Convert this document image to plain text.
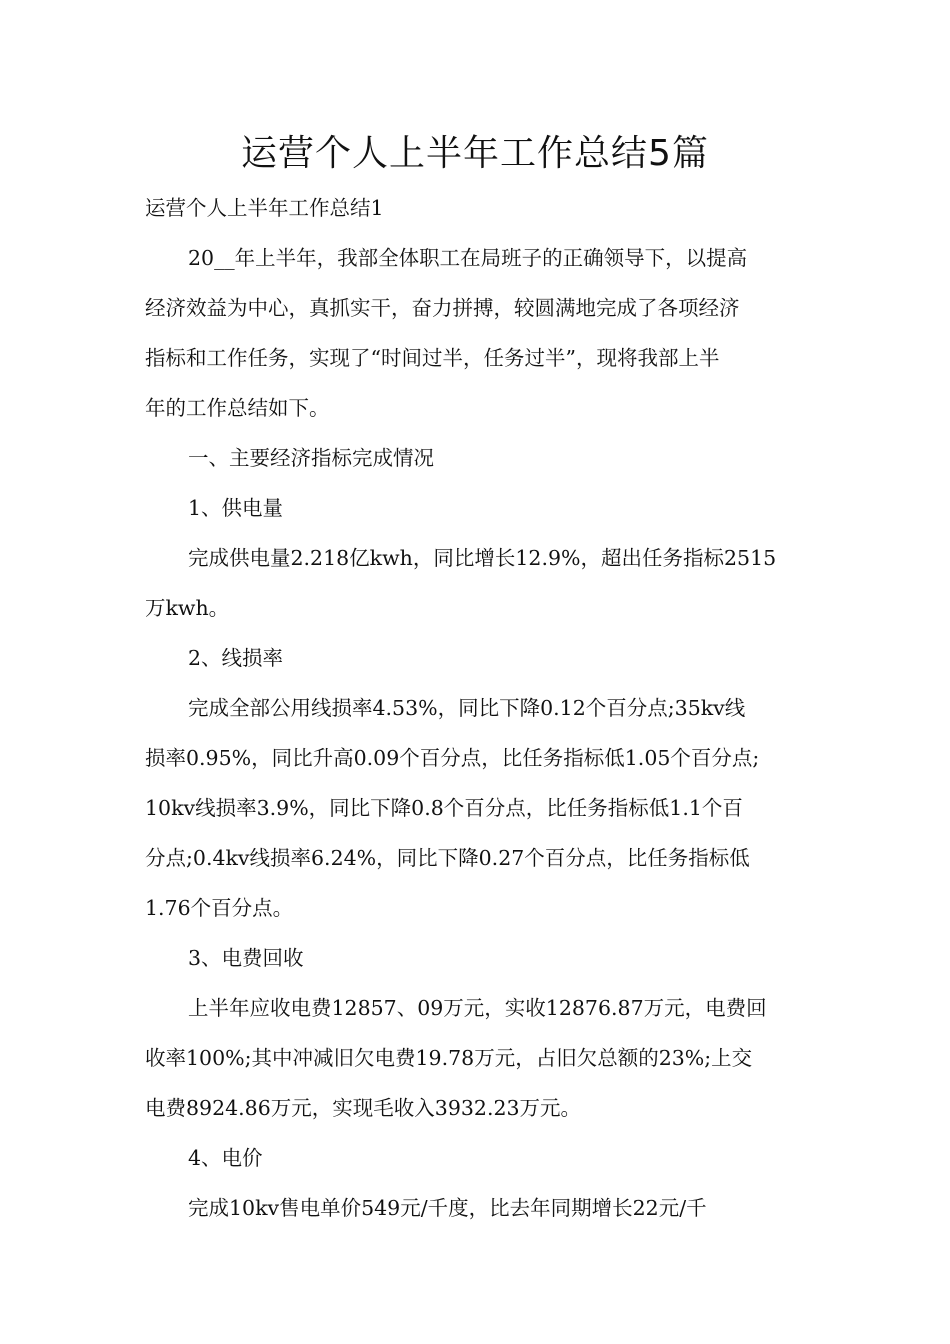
运营个人上半年工作总结5篇

运营个人上半年工作总结1

20__年上半年，我部全体职工在局班子的正确领导下，以提高

经济效益为中心，真抓实干，奋力拼搏，较圆满地完成了各项经济

指标和工作任务，实现了“时间过半，任务过半”，现将我部上半

年的工作总结如下。

一、主要经济指标完成情况

1、供电量

完成供电量2.218亿kwh，同比增长12.9%，超出任务指标2515

万kwh。

2、线损率

完成全部公用线损率4.53%，同比下降0.12个百分点;35kv线

损率0.95%，同比升高0.09个百分点，比任务指标低1.05个百分点;

10kv线损率3.9%，同比下降0.8个百分点，比任务指标低1.1个百

分点;0.4kv线损率6.24%，同比下降0.27个百分点，比任务指标低

1.76个百分点。

3、电费回收

上半年应收电费12857、09万元，实收12876.87万元，电费回

收率100%;其中冲减旧欠电费19.78万元，占旧欠总额的23%;上交

电费8924.86万元，实现毛收入3932.23万元。

4、电价

完成10kv售电单价549元/千度，比去年同期增长22元/千
